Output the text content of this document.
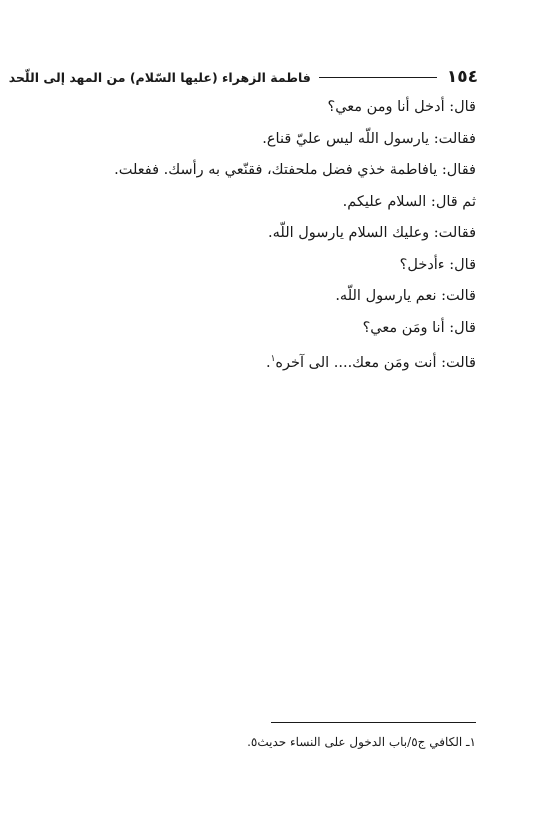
١٥٤
فاطمة الزهراء (عليها السّلام) من المهد إلى اللّحد
قال: أدخل أنا ومن معي؟
فقالت: يارسول اللّه ليس عليّ قناع.
فقال: يافاطمة خذي فضل ملحفتك، فقنّعي به رأسك. ففعلت.
ثم قال: السلام عليكم.
فقالت: وعليك السلام يارسول اللّه.
قال: ءأدخل؟
قالت: نعم يارسول اللّه.
قال: أنا ومَن معي؟
قالت: أنت ومَن معك.... الى آخره$^١$.
١ـ الكافي ج٥/باب الدخول على النساء حديث٥.
